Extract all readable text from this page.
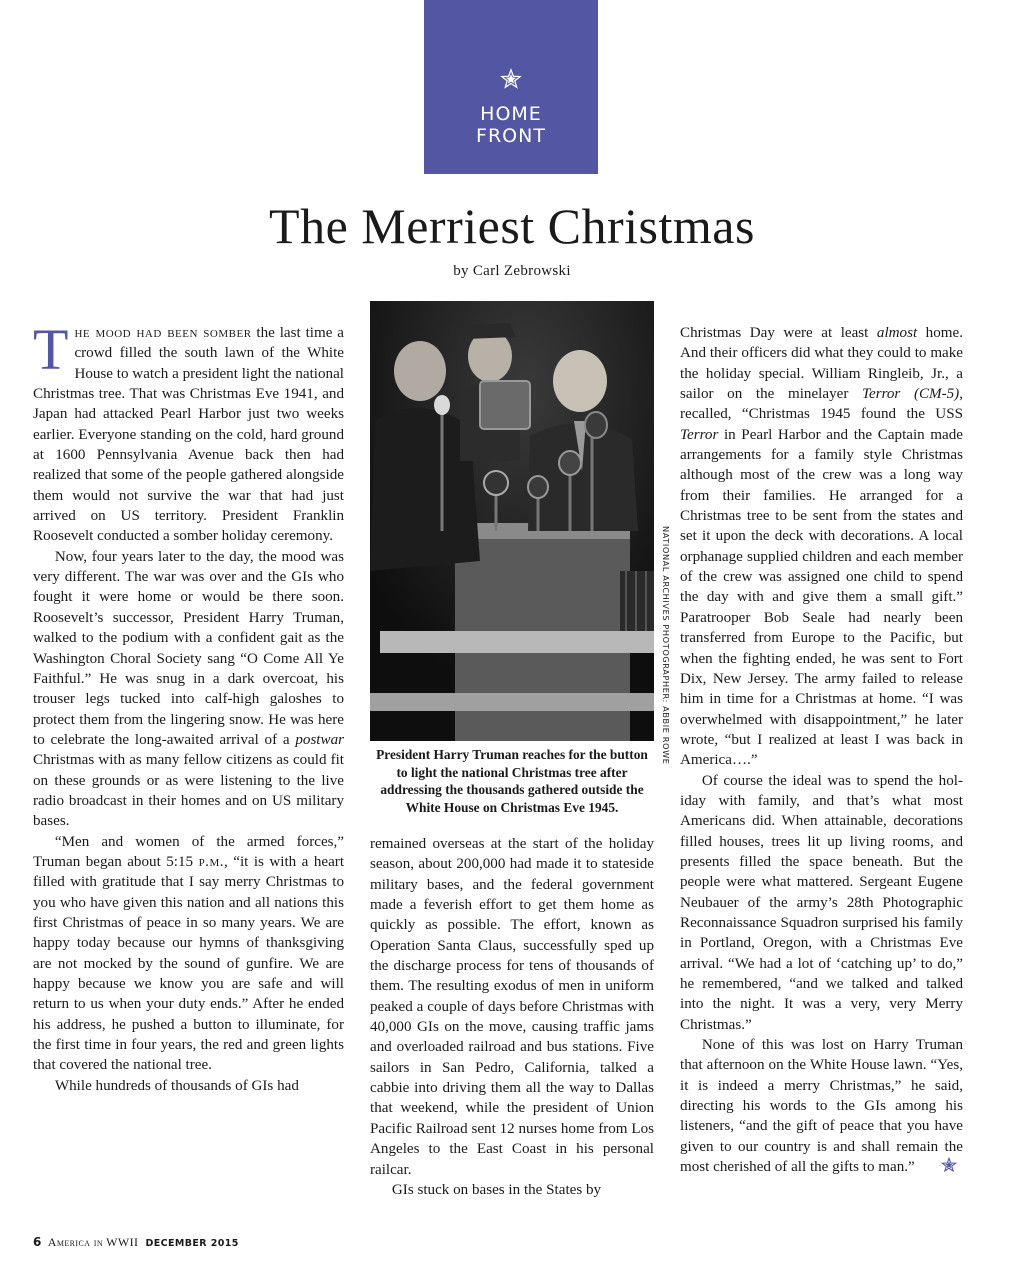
HOME
FRONT
The Merriest Christmas
by Carl Zebrowski

The mood had been somber the last time a crowd filled the south lawn of the White House to watch a president light the national Christmas tree. That was Christmas Eve 1941, and Japan had attacked Pearl Harbor just two weeks earlier. Everyone standing on the cold, hard ground at 1600 Pennsylvania Avenue back then had realized that some of the people gathered alongside them would not survive the war that had just arrived on US territory. President Franklin Roosevelt conducted a somber holiday ceremony.

Now, four years later to the day, the mood was very different. The war was over and the GIs who fought it were home or would be there soon. Roosevelt’s successor, President Harry Truman, walked to the podium with a confident gait as the Washington Choral Society sang “O Come All Ye Faithful.” He was snug in a dark overcoat, his trouser legs tucked into calf-high galoshes to protect them from the lingering snow. He was here to celebrate the long-awaited arrival of a postwar Christmas with as many fellow citizens as could fit on these grounds or as were listening to the live radio broadcast in their homes and on US military bases.

“Men and women of the armed forces,” Truman began about 5:15 p.m., “it is with a heart filled with gratitude that I say merry Christmas to you who have given this nation and all nations this first Christmas of peace in so many years. We are happy today because our hymns of thanksgiving are not mocked by the sound of gunfire. We are happy because we know you are safe and will return to us when your duty ends.” After he ended his address, he pushed a button to illuminate, for the first time in four years, the red and green lights that covered the national tree.

While hundreds of thousands of GIs had

NATIONAL ARCHIVES PHOTOGRAPHER: ABBIE ROWE
President Harry Truman reaches for the button to light the national Christmas tree after addressing the thousands gathered outside the White House on Christmas Eve 1945.

remained overseas at the start of the holiday season, about 200,000 had made it to stateside military bases, and the federal government made a feverish effort to get them home as quickly as possible. The effort, known as Operation Santa Claus, successfully sped up the discharge process for tens of thousands of them. The resulting exodus of men in uniform peaked a couple of days before Christmas with 40,000 GIs on the move, causing traffic jams and overloaded railroad and bus stations. Five sailors in San Pedro, California, talked a cabbie into driving them all the way to Dallas that weekend, while the president of Union Pacific Railroad sent 12 nurses home from Los Angeles to the East Coast in his personal railcar.

GIs stuck on bases in the States by

Christmas Day were at least almost home. And their officers did what they could to make the holiday special. William Ringleib, Jr., a sailor on the minelayer Terror (CM-5), recalled, “Christmas 1945 found the USS Terror in Pearl Harbor and the Captain made arrangements for a family style Christmas although most of the crew was a long way from their families. He arranged for a Christmas tree to be sent from the states and set it upon the deck with decorations. A local orphanage supplied children and each member of the crew was assigned one child to spend the day with and give them a small gift.” Paratrooper Bob Seale had nearly been transferred from Europe to the Pacific, but when the fighting ended, he was sent to Fort Dix, New Jersey. The army failed to release him in time for a Christmas at home. “I was overwhelmed with disappointment,” he later wrote, “but I realized at least I was back in America….”

Of course the ideal was to spend the holiday with family, and that’s what most Americans did. When attainable, decorations filled houses, trees lit up living rooms, and presents filled the space beneath. But the people were what mattered. Sergeant Eugene Neubauer of the army’s 28th Photographic Reconnaissance Squadron surprised his family in Portland, Oregon, with a Christmas Eve arrival. “We had a lot of ‘catching up’ to do,” he remembered, “and we talked and talked into the night. It was a very, very Merry Christmas.”

None of this was lost on Harry Truman that afternoon on the White House lawn. “Yes, it is indeed a merry Christmas,” he said, directing his words to the GIs among his listeners, “and the gift of peace that you have given to our country is and shall remain the most cherished of all the gifts to man.”

6 America in WWII DECEMBER 2015
